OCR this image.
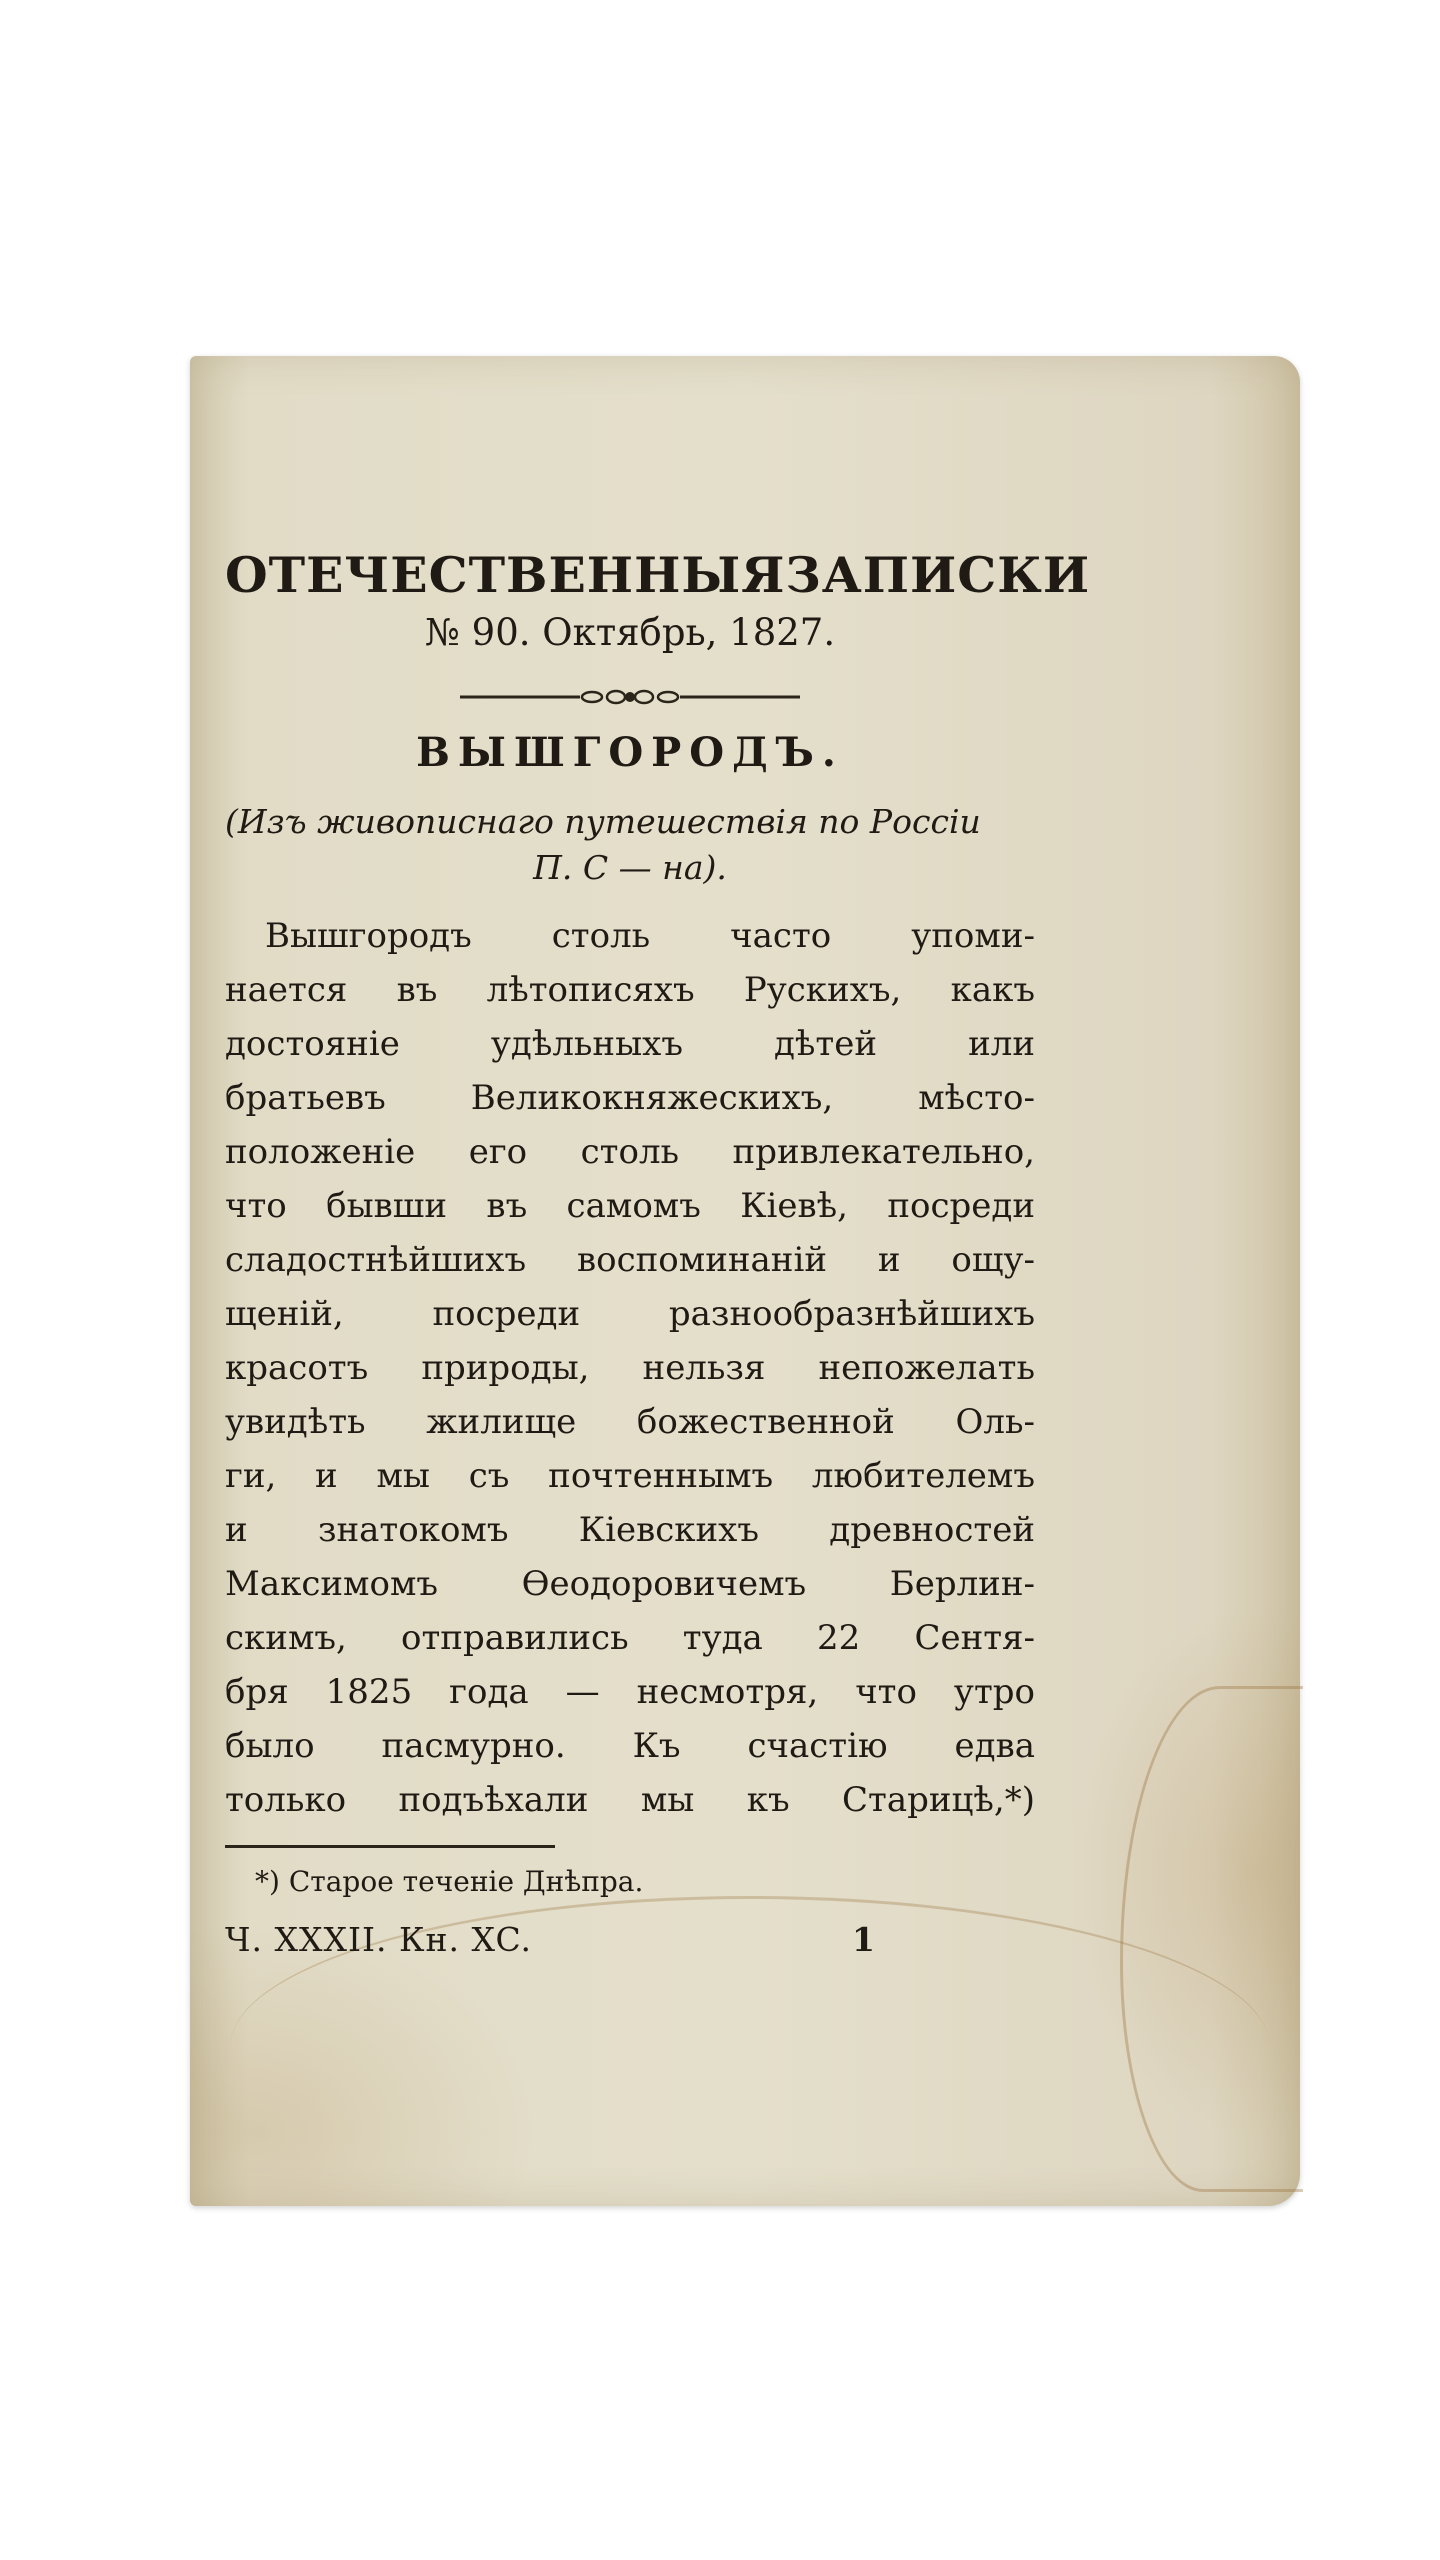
ОТЕЧЕСТВЕННЫЯЗАПИСКИ
№ 90. Октябрь, 1827.
ВЫШГОРОДЪ.
(Изъ живописнаго путешествія по Россіи
П. С — на).
Вышгородъ столь часто упоми-
нается въ лѣтописяхъ Рускихъ, какъ
достояніе удѣльныхъ дѣтей или
братьевъ Великокняжескихъ, мѣсто-
положеніе его столь привлекательно,
что бывши въ самомъ Кіевѣ, посреди
сладостнѣйшихъ воспоминаній и ощу-
щеній, посреди разнообразнѣйшихъ
красотъ природы, нельзя непожелать
увидѣть жилище божественной Оль-
ги, и мы съ почтеннымъ любителемъ
и знатокомъ Кіевскихъ древностей
Максимомъ Ѳеодоровичемъ Берлин-
скимъ, отправились туда 22 Сентя-
бря 1825 года — несмотря, что утро
было пасмурно. Къ счастію едва
только подъѣхали мы къ Старицѣ,*)
*) Старое теченіе Днѣпра.
Ч. XXXII. Кн. XC.	1
